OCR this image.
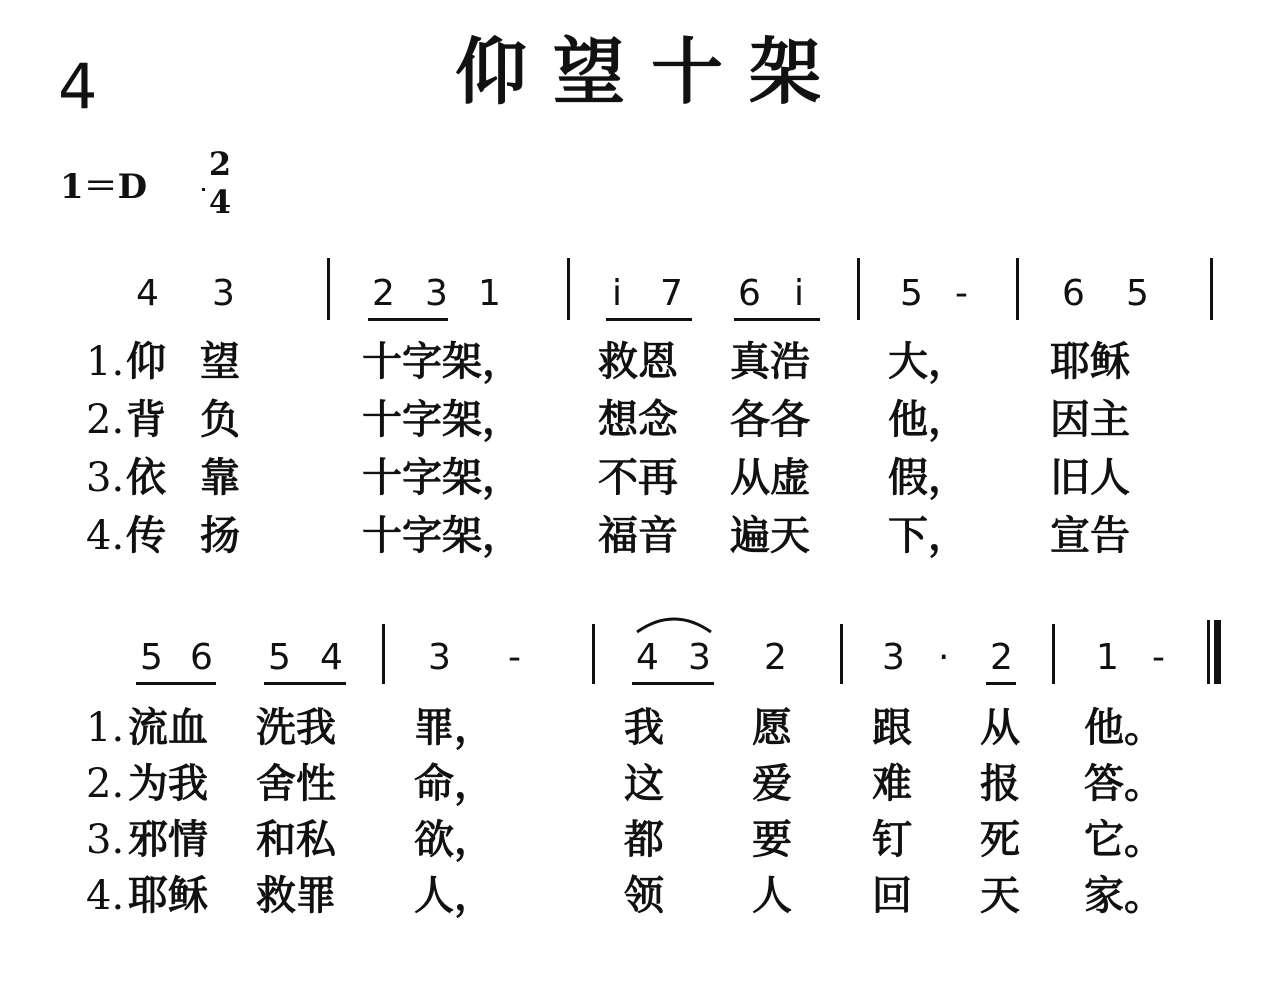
4	仰望十架
1＝D
2
4
4 3	2 3 1	i 7 6 i	5 -	6 5
1. 仰 望	十字架， 救恩 真浩 大， 耶稣
2. 背 负	十字架， 想念 各各 他， 因主
3. 依 靠	十字架， 不再 从虚 假， 旧人
4. 传 扬	十字架， 福音 遍天 下， 宣告
5 6 5 4 3 -	4 3 2	3 · 2 1 -
1. 流血 洗我 罪，	我 愿 跟 从 他。
2. 为我 舍性 命，	这 爱 难 报 答。
3. 邪情 和私 欲，	都 要 钉 死 它。
4. 耶稣 救罪 人，	领 人 回 天 家。
